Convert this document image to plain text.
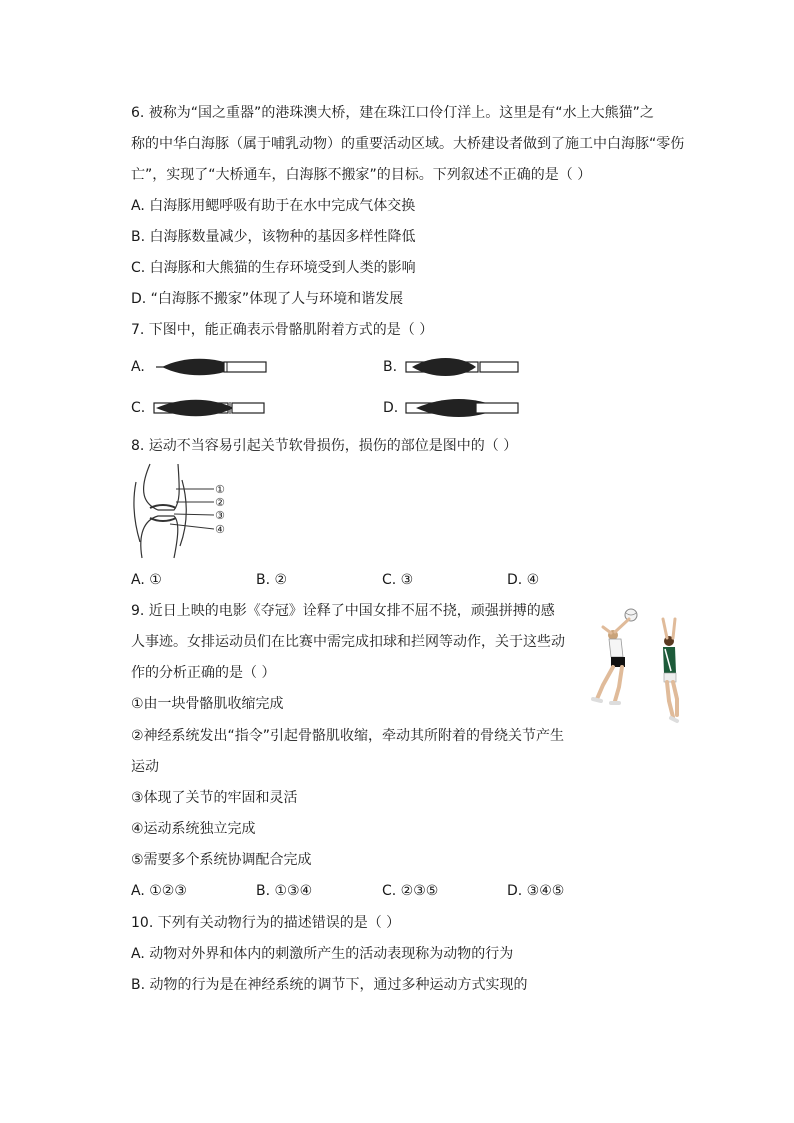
6. 被称为“国之重器”的港珠澳大桥，建在珠江口伶仃洋上。这里是有“水上大熊猫”之
称的中华白海豚（属于哺乳动物）的重要活动区域。大桥建设者做到了施工中白海豚“零伤
亡”，实现了“大桥通车，白海豚不搬家”的目标。下列叙述不正确的是（ ）
A. 白海豚用鳃呼吸有助于在水中完成气体交换
B. 白海豚数量减少，该物种的基因多样性降低
C. 白海豚和大熊猫的生存环境受到人类的影响
D. “白海豚不搬家”体现了人与环境和谐发展
7. 下图中，能正确表示骨骼肌附着方式的是（ ）
A.	B.
C.	D.
8. 运动不当容易引起关节软骨损伤，损伤的部位是图中的（ ）
①
②
③
④
A. ①	B. ②	C. ③	D. ④
9. 近日上映的电影《夺冠》诠释了中国女排不屈不挠，顽强拼搏的感
人事迹。女排运动员们在比赛中需完成扣球和拦网等动作，关于这些动
作的分析正确的是（ ）
①由一块骨骼肌收缩完成
②神经系统发出“指令”引起骨骼肌收缩，牵动其所附着的骨绕关节产生
运动
③体现了关节的牢固和灵活
④运动系统独立完成
⑤需要多个系统协调配合完成
A. ①②③	B. ①③④	C. ②③⑤	D. ③④⑤
10. 下列有关动物行为的描述错误的是（ ）
A. 动物对外界和体内的刺激所产生的活动表现称为动物的行为
B. 动物的行为是在神经系统的调节下，通过多种运动方式实现的
